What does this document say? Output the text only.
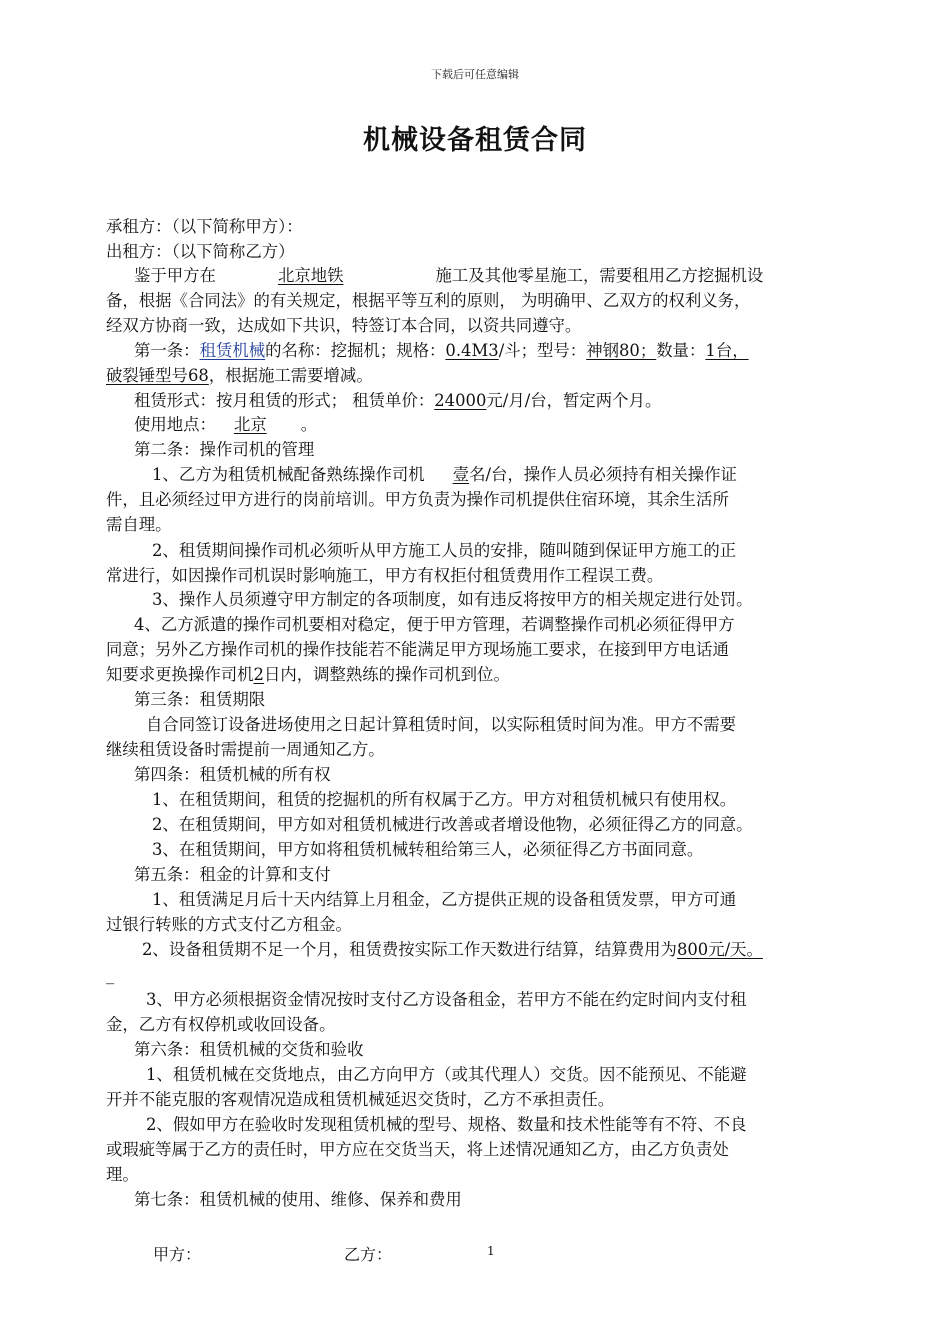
下载后可任意编辑
机械设备租赁合同
承租方：（以下简称甲方）：
出租方：（以下简称乙方）
鉴于甲方在	北京地铁	施工及其他零星施工，需要租用乙方挖掘机设
备，根据《合同法》的有关规定，根据平等互利的原则， 为明确甲、乙双方的权利义务，
经双方协商一致，达成如下共识，特签订本合同，以资共同遵守。
第一条：租赁机械的名称：挖掘机；规格：0.4M3/斗；型号：神钢80；数量：1台，
破裂锤型号68，根据施工需要增减。
租赁形式：按月租赁的形式； 租赁单价：24000元/月/台，暂定两个月。
使用地点： 北京 。
第二条：操作司机的管理
1、乙方为租赁机械配备熟练操作司机 壹名/台，操作人员必须持有相关操作证
件，且必须经过甲方进行的岗前培训。甲方负责为操作司机提供住宿环境，其余生活所
需自理。
2、租赁期间操作司机必须听从甲方施工人员的安排，随叫随到保证甲方施工的正
常进行，如因操作司机误时影响施工，甲方有权拒付租赁费用作工程误工费。
3、操作人员须遵守甲方制定的各项制度，如有违反将按甲方的相关规定进行处罚。
4、乙方派遣的操作司机要相对稳定，便于甲方管理，若调整操作司机必须征得甲方
同意；另外乙方操作司机的操作技能若不能满足甲方现场施工要求，在接到甲方电话通
知要求更换操作司机2日内，调整熟练的操作司机到位。
第三条：租赁期限
自合同签订设备进场使用之日起计算租赁时间，以实际租赁时间为准。甲方不需要
继续租赁设备时需提前一周通知乙方。
第四条：租赁机械的所有权
1、在租赁期间，租赁的挖掘机的所有权属于乙方。甲方对租赁机械只有使用权。
2、在租赁期间，甲方如对租赁机械进行改善或者增设他物，必须征得乙方的同意。
3、在租赁期间，甲方如将租赁机械转租给第三人，必须征得乙方书面同意。
第五条：租金的计算和支付
1、租赁满足月后十天内结算上月租金，乙方提供正规的设备租赁发票，甲方可通
过银行转账的方式支付乙方租金。
2、设备租赁期不足一个月，租赁费按实际工作天数进行结算，结算费用为800元/天。
_
3、甲方必须根据资金情况按时支付乙方设备租金，若甲方不能在约定时间内支付租
金，乙方有权停机或收回设备。
第六条：租赁机械的交货和验收
1、租赁机械在交货地点，由乙方向甲方（或其代理人）交货。因不能预见、不能避
开并不能克服的客观情况造成租赁机械延迟交货时，乙方不承担责任。
2、假如甲方在验收时发现租赁机械的型号、规格、数量和技术性能等有不符、不良
或瑕疵等属于乙方的责任时，甲方应在交货当天，将上述情况通知乙方，由乙方负责处
理。
第七条：租赁机械的使用、维修、保养和费用
甲方：	乙方：	1
